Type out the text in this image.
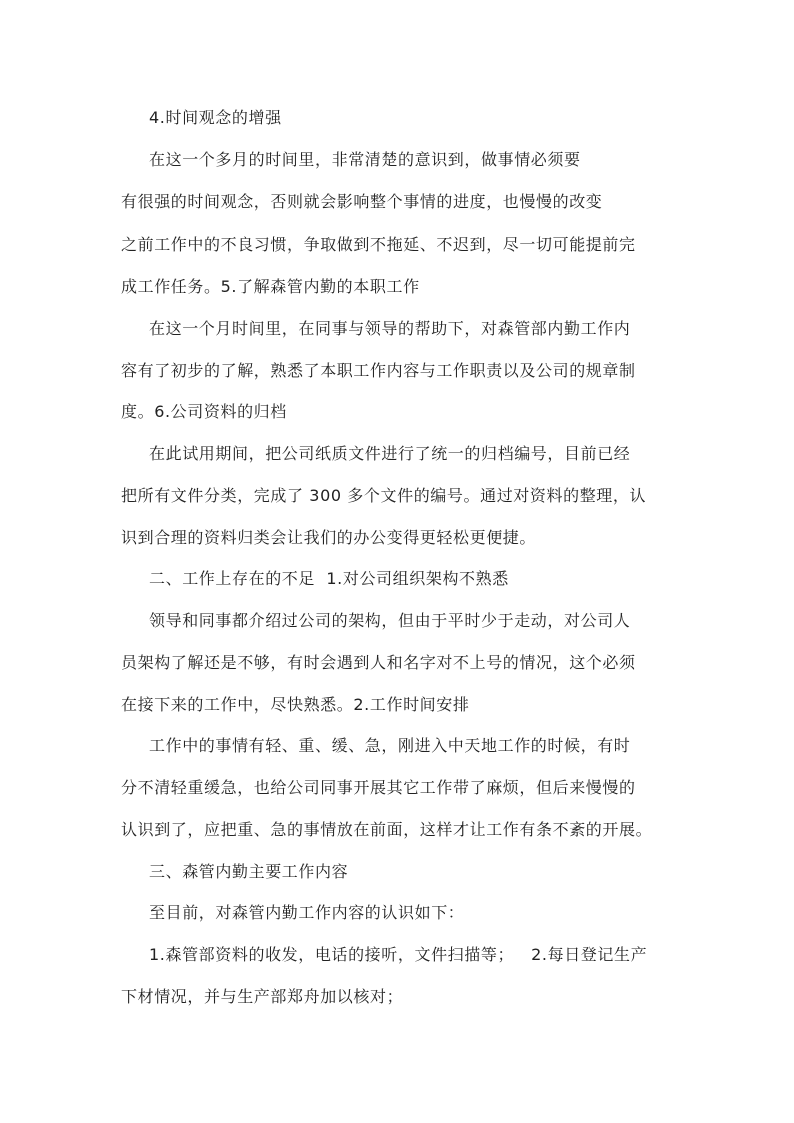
4.时间观念的增强
在这一个多月的时间里，非常清楚的意识到，做事情必须要
有很强的时间观念，否则就会影响整个事情的进度，也慢慢的改变
之前工作中的不良习惯，争取做到不拖延、不迟到，尽一切可能提前完
成工作任务。5.了解森管内勤的本职工作
在这一个月时间里，在同事与领导的帮助下，对森管部内勤工作内
容有了初步的了解，熟悉了本职工作内容与工作职责以及公司的规章制
度。6.公司资料的归档
在此试用期间，把公司纸质文件进行了统一的归档编号，目前已经
把所有文件分类，完成了 300 多个文件的编号。通过对资料的整理，认
识到合理的资料归类会让我们的办公变得更轻松更便捷。
二、工作上存在的不足  1.对公司组织架构不熟悉
领导和同事都介绍过公司的架构，但由于平时少于走动，对公司人
员架构了解还是不够，有时会遇到人和名字对不上号的情况，这个必须
在接下来的工作中，尽快熟悉。2.工作时间安排
工作中的事情有轻、重、缓、急，刚进入中天地工作的时候，有时
分不清轻重缓急，也给公司同事开展其它工作带了麻烦，但后来慢慢的
认识到了，应把重、急的事情放在前面，这样才让工作有条不紊的开展。
三、森管内勤主要工作内容
至目前，对森管内勤工作内容的认识如下：
1.森管部资料的收发，电话的接听，文件扫描等；   2.每日登记生产
下材情况，并与生产部郑舟加以核对；
